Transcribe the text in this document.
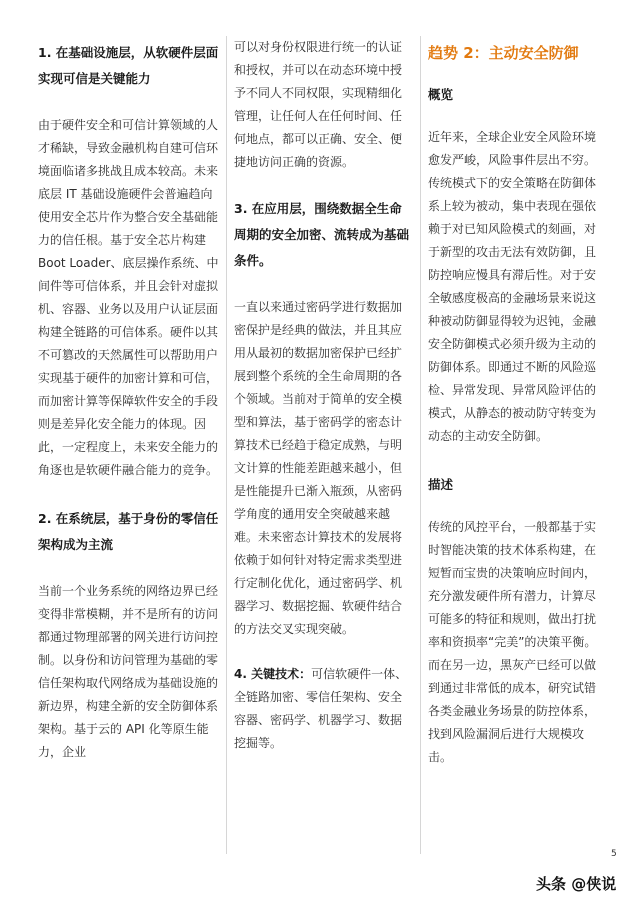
1. 在基础设施层，从软硬件层面实现可信是关键能力
由于硬件安全和可信计算领域的人才稀缺，导致金融机构自建可信环境面临诸多挑战且成本较高。未来底层 IT 基础设施硬件会普遍趋向使用安全芯片作为整合安全基础能力的信任根。基于安全芯片构建 Boot Loader、底层操作系统、中间件等可信体系，并且会针对虚拟机、容器、业务以及用户认证层面构建全链路的可信体系。硬件以其不可篡改的天然属性可以帮助用户实现基于硬件的加密计算和可信，而加密计算等保障软件安全的手段则是差异化安全能力的体现。因此，一定程度上，未来安全能力的角逐也是软硬件融合能力的竞争。
2. 在系统层，基于身份的零信任架构成为主流
当前一个业务系统的网络边界已经变得非常模糊，并不是所有的访问都通过物理部署的网关进行访问控制。以身份和访问管理为基础的零信任架构取代网络成为基础设施的新边界，构建全新的安全防御体系架构。基于云的 API 化等原生能力，企业
可以对身份权限进行统一的认证和授权，并可以在动态环境中授予不同人不同权限，实现精细化管理，让任何人在任何时间、任何地点，都可以正确、安全、便捷地访问正确的资源。
3. 在应用层，围绕数据全生命周期的安全加密、流转成为基础条件。
一直以来通过密码学进行数据加密保护是经典的做法，并且其应用从最初的数据加密保护已经扩展到整个系统的全生命周期的各个领域。当前对于简单的安全模型和算法，基于密码学的密态计算技术已经趋于稳定成熟，与明文计算的性能差距越来越小，但是性能提升已渐入瓶颈，从密码学角度的通用安全突破越来越难。未来密态计算技术的发展将依赖于如何针对特定需求类型进行定制化优化，通过密码学、机器学习、数据挖掘、软硬件结合的方法交叉实现突破。
4. 关键技术：可信软硬件一体、全链路加密、零信任架构、安全容器、密码学、机器学习、数据挖掘等。
趋势 2：主动安全防御
概览
近年来，全球企业安全风险环境愈发严峻，风险事件层出不穷。传统模式下的安全策略在防御体系上较为被动，集中表现在强依赖于对已知风险模式的刻画，对于新型的攻击无法有效防御，且防控响应慢具有滞后性。对于安全敏感度极高的金融场景来说这种被动防御显得较为迟钝，金融安全防御模式必须升级为主动的防御体系。即通过不断的风险巡检、异常发现、异常风险评估的模式，从静态的被动防守转变为动态的主动安全防御。
描述
传统的风控平台，一般都基于实时智能决策的技术体系构建，在短暂而宝贵的决策响应时间内，充分激发硬件所有潜力，计算尽可能多的特征和规则，做出打扰率和资损率“完美”的决策平衡。而在另一边，黑灰产已经可以做到通过非常低的成本，研究试错各类金融业务场景的防控体系，找到风险漏洞后进行大规模攻击。
5
头条 @侠说
